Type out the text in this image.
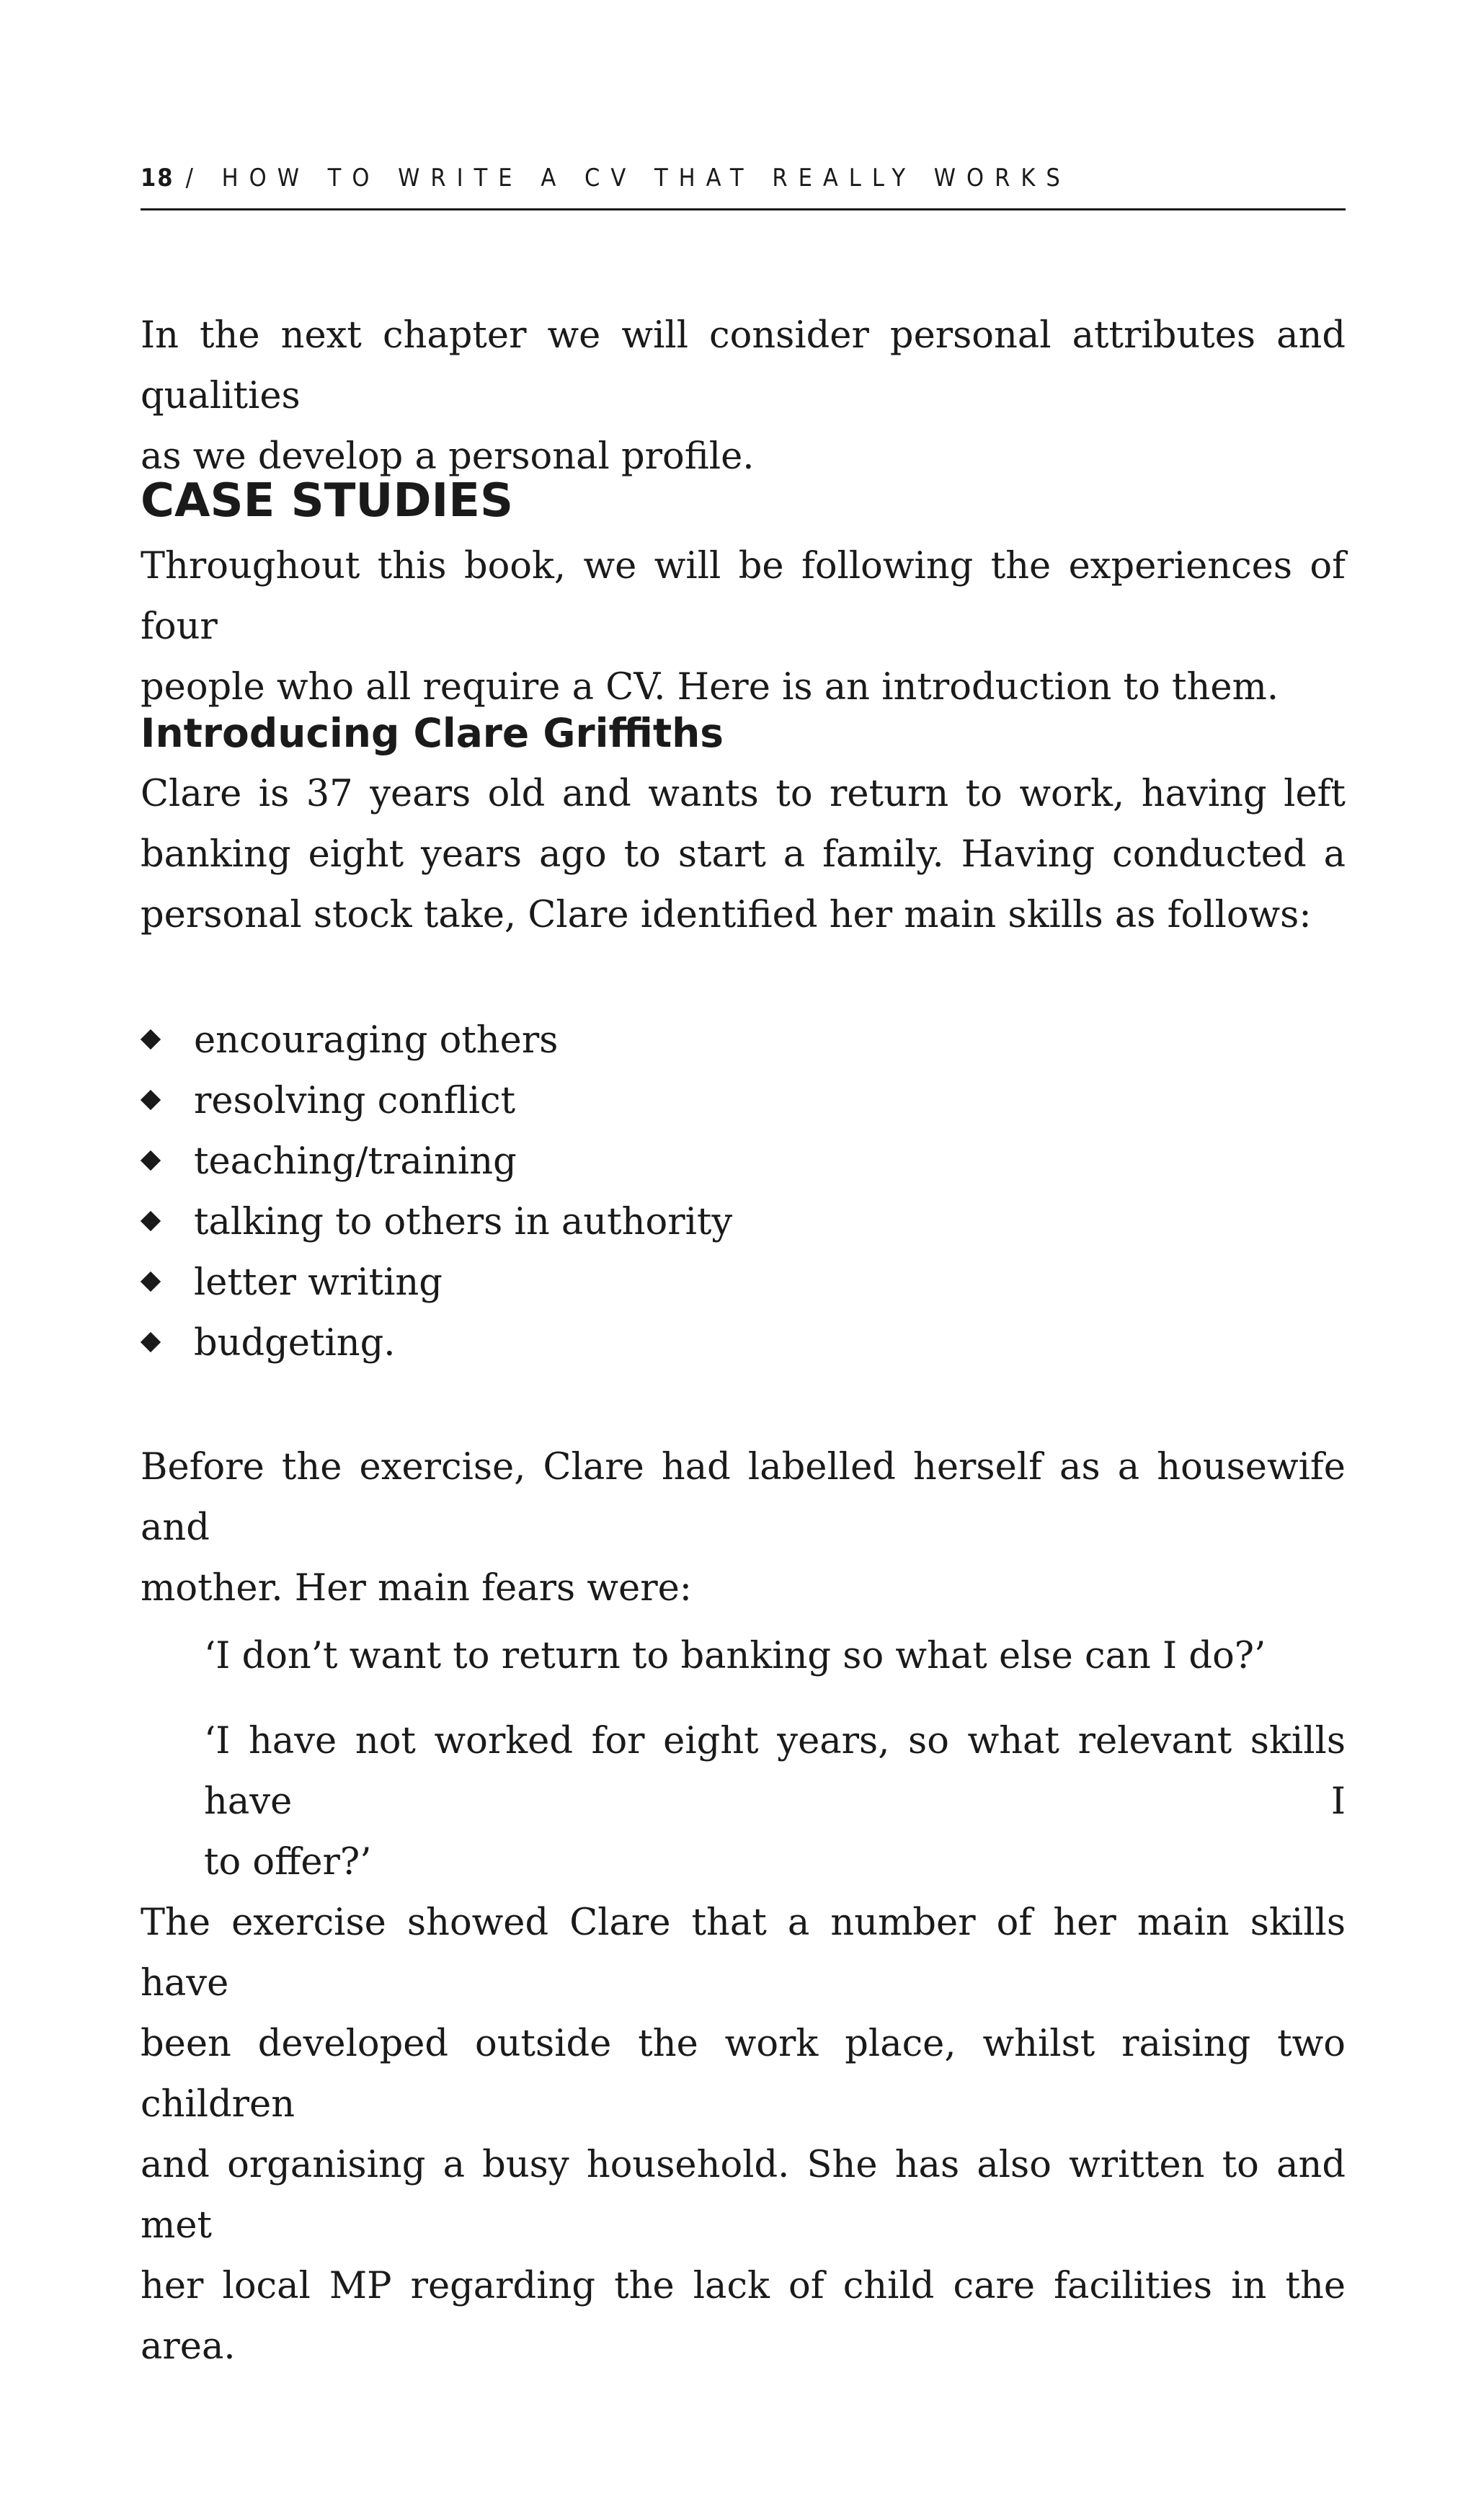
18 / HOW TO WRITE A CV THAT REALLY WORKS

In the next chapter we will consider personal attributes and qualities
as we develop a personal profile.

CASE STUDIES

Throughout this book, we will be following the experiences of four
people who all require a CV. Here is an introduction to them.

Introducing Clare Griffiths

Clare is 37 years old and wants to return to work, having left
banking eight years ago to start a family. Having conducted a
personal stock take, Clare identified her main skills as follows:

encouraging others
resolving conflict
teaching/training
talking to others in authority
letter writing
budgeting.

Before the exercise, Clare had labelled herself as a housewife and
mother. Her main fears were:

‘I don’t want to return to banking so what else can I do?’

‘I have not worked for eight years, so what relevant skills have I
to offer?’

The exercise showed Clare that a number of her main skills have
been developed outside the work place, whilst raising two children
and organising a busy household. She has also written to and met
her local MP regarding the lack of child care facilities in the area.
